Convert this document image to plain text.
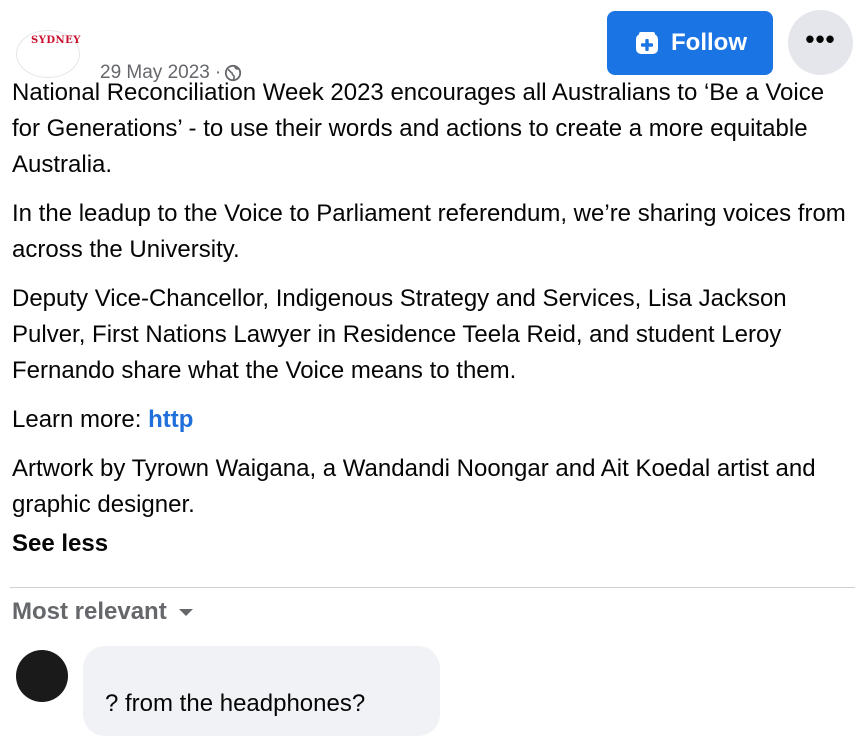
SYDNEY
29 May 2023 ·
Follow •••

National Reconciliation Week 2023 encourages all Australians to ‘Be a Voice for Generations’ - to use their words and actions to create a more equitable Australia.

In the leadup to the Voice to Parliament referendum, we’re sharing voices from across the University.

Deputy Vice-Chancellor, Indigenous Strategy and Services, Lisa Jackson Pulver, First Nations Lawyer in Residence Teela Reid, and student Leroy Fernando share what the Voice means to them.

Learn more: http

Artwork by Tyrown Waigana, a Wandandi Noongar and Ait Koedal artist and graphic designer.

See less
Most relevant
? from the headphones?
